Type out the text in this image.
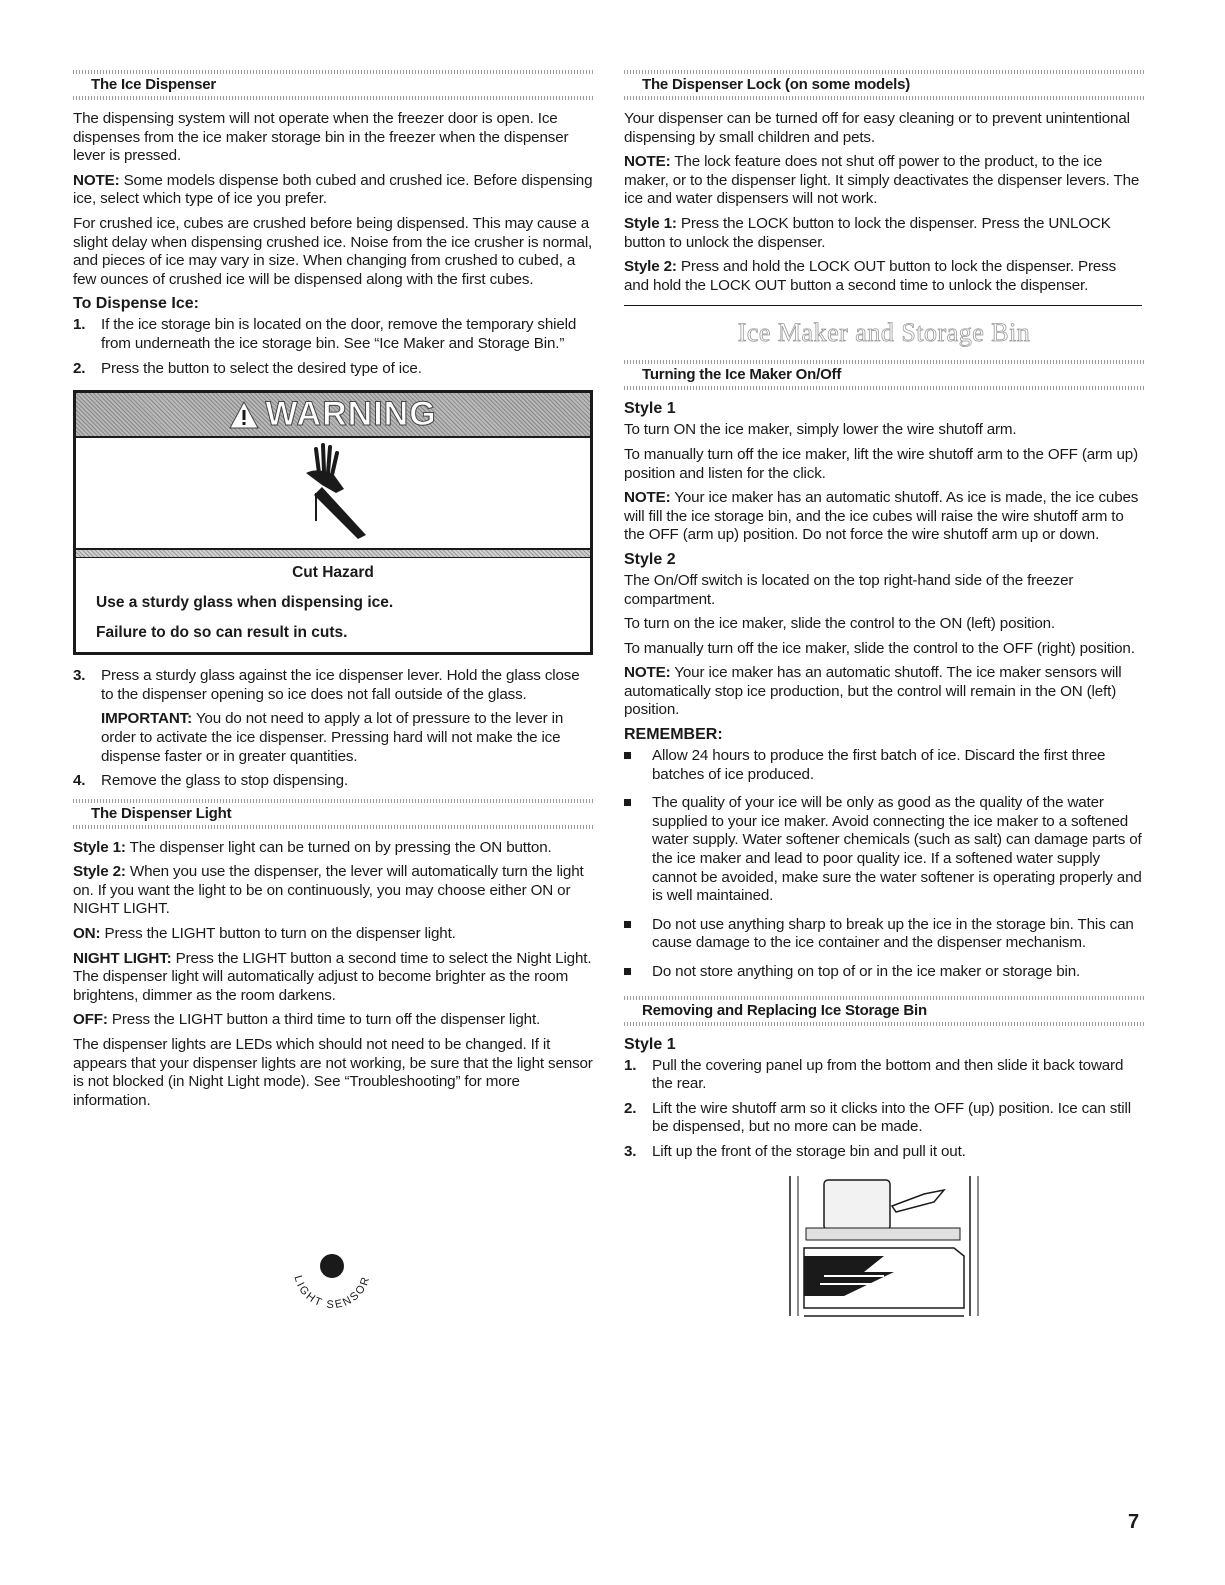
The Ice Dispenser

The dispensing system will not operate when the freezer door is open. Ice dispenses from the ice maker storage bin in the freezer when the dispenser lever is pressed.

NOTE: Some models dispense both cubed and crushed ice. Before dispensing ice, select which type of ice you prefer.

For crushed ice, cubes are crushed before being dispensed. This may cause a slight delay when dispensing crushed ice. Noise from the ice crusher is normal, and pieces of ice may vary in size. When changing from crushed to cubed, a few ounces of crushed ice will be dispensed along with the first cubes.

To Dispense Ice:
1.	If the ice storage bin is located on the door, remove the temporary shield from underneath the ice storage bin. See “Ice Maker and Storage Bin.”
2.	Press the button to select the desired type of ice.
WARNING
Cut Hazard
Use a sturdy glass when dispensing ice.
Failure to do so can result in cuts.
3.	Press a sturdy glass against the ice dispenser lever. Hold the glass close to the dispenser opening so ice does not fall outside of the glass.

IMPORTANT: You do not need to apply a lot of pressure to the lever in order to activate the ice dispenser. Pressing hard will not make the ice dispense faster or in greater quantities.

4.	Remove the glass to stop dispensing.
The Dispenser Light

Style 1: The dispenser light can be turned on by pressing the ON button.

Style 2: When you use the dispenser, the lever will automatically turn the light on. If you want the light to be on continuously, you may choose either ON or NIGHT LIGHT.

ON: Press the LIGHT button to turn on the dispenser light.

NIGHT LIGHT: Press the LIGHT button a second time to select the Night Light. The dispenser light will automatically adjust to become brighter as the room brightens, dimmer as the room darkens.

OFF: Press the LIGHT button a third time to turn off the dispenser light.

The dispenser lights are LEDs which should not need to be changed. If it appears that your dispenser lights are not working, be sure that the light sensor is not blocked (in Night Light mode). See “Troubleshooting” for more information.

LIGHT SENSOR
The Dispenser Lock (on some models)

Your dispenser can be turned off for easy cleaning or to prevent unintentional dispensing by small children and pets.

NOTE: The lock feature does not shut off power to the product, to the ice maker, or to the dispenser light. It simply deactivates the dispenser levers. The ice and water dispensers will not work.

Style 1: Press the LOCK button to lock the dispenser. Press the UNLOCK button to unlock the dispenser.

Style 2: Press and hold the LOCK OUT button to lock the dispenser. Press and hold the LOCK OUT button a second time to unlock the dispenser.

Ice Maker and Storage Bin
Turning the Ice Maker On/Off
Style 1

To turn ON the ice maker, simply lower the wire shutoff arm.

To manually turn off the ice maker, lift the wire shutoff arm to the OFF (arm up) position and listen for the click.

NOTE: Your ice maker has an automatic shutoff. As ice is made, the ice cubes will fill the ice storage bin, and the ice cubes will raise the wire shutoff arm to the OFF (arm up) position. Do not force the wire shutoff arm up or down.

Style 2

The On/Off switch is located on the top right-hand side of the freezer compartment.

To turn on the ice maker, slide the control to the ON (left) position.

To manually turn off the ice maker, slide the control to the OFF (right) position.

NOTE: Your ice maker has an automatic shutoff. The ice maker sensors will automatically stop ice production, but the control will remain in the ON (left) position.

REMEMBER:
Allow 24 hours to produce the first batch of ice. Discard the first three batches of ice produced.
The quality of your ice will be only as good as the quality of the water supplied to your ice maker. Avoid connecting the ice maker to a softened water supply. Water softener chemicals (such as salt) can damage parts of the ice maker and lead to poor quality ice. If a softened water supply cannot be avoided, make sure the water softener is operating properly and is well maintained.
Do not use anything sharp to break up the ice in the storage bin. This can cause damage to the ice container and the dispenser mechanism.
Do not store anything on top of or in the ice maker or storage bin.
Removing and Replacing Ice Storage Bin
Style 1
1.	Pull the covering panel up from the bottom and then slide it back toward the rear.
2.	Lift the wire shutoff arm so it clicks into the OFF (up) position. Ice can still be dispensed, but no more can be made.
3.	Lift up the front of the storage bin and pull it out.
7
